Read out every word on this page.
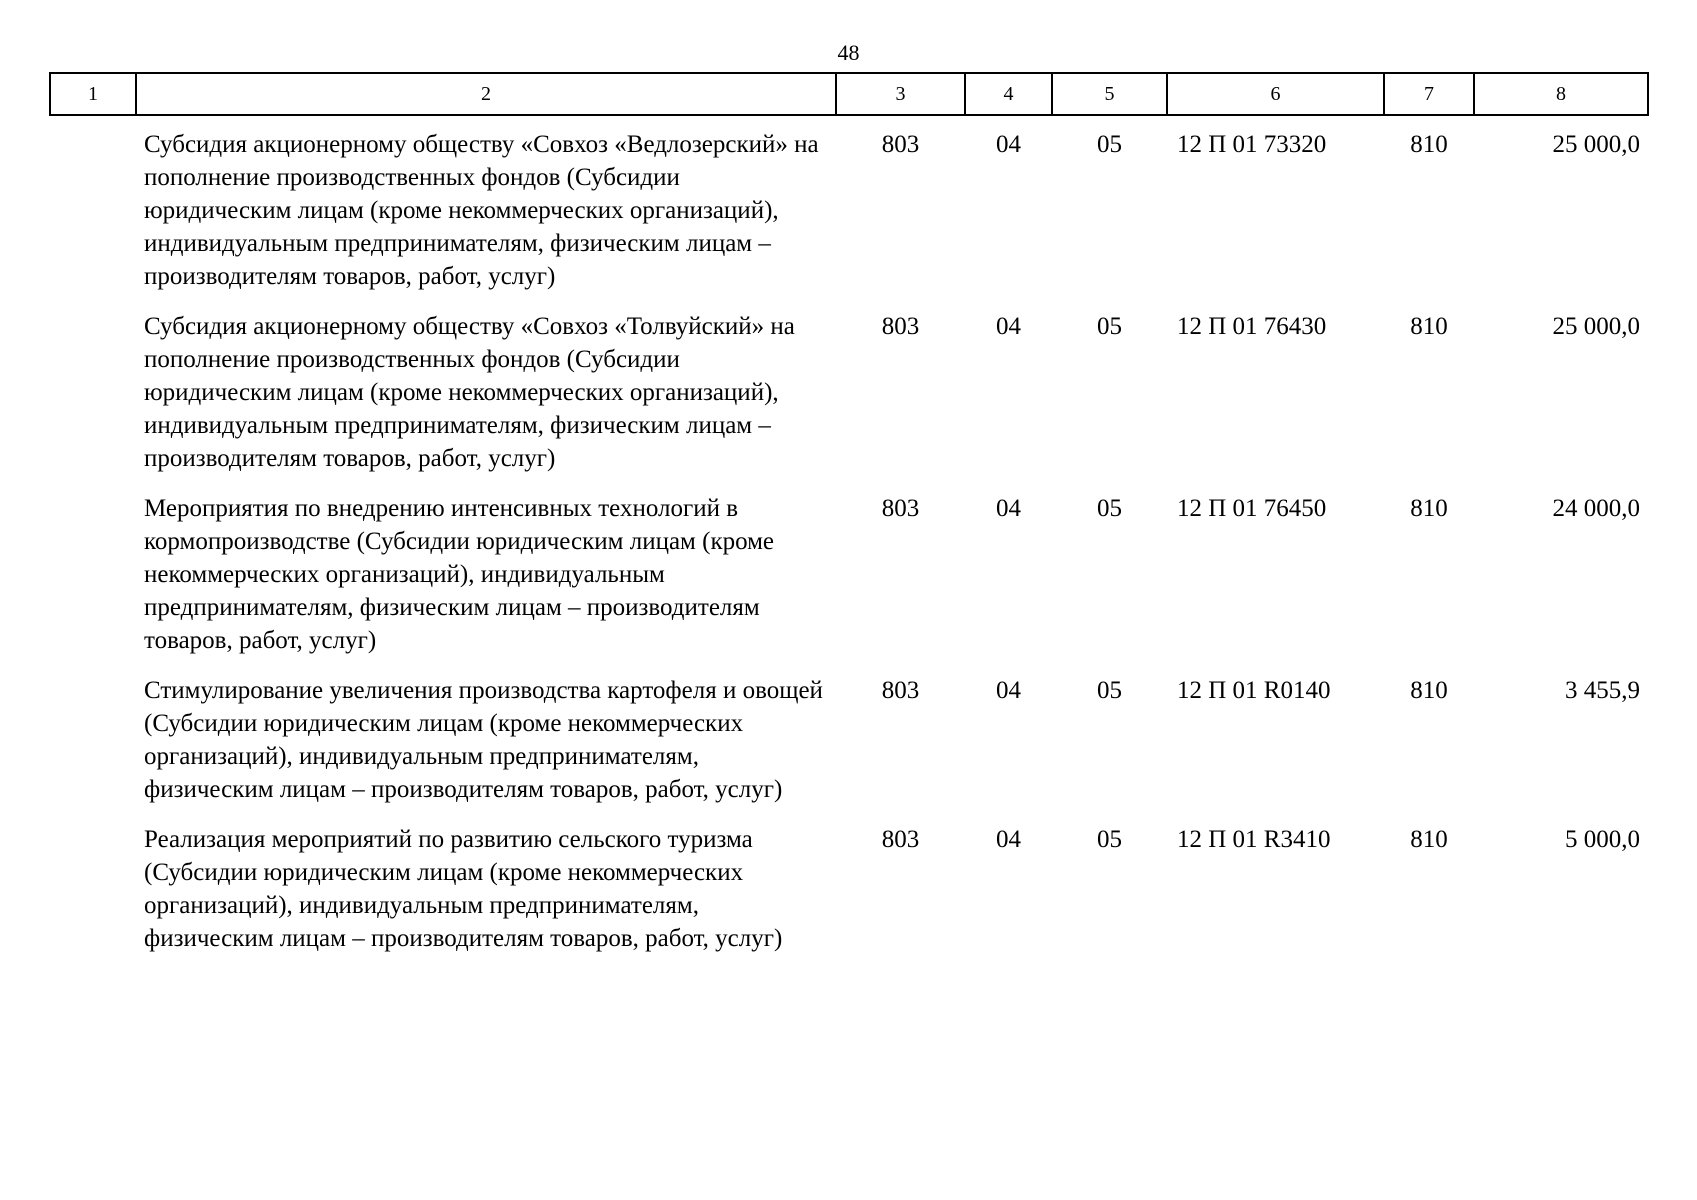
48
1	2	3	4	5	6	7	8

	Субсидия акционерному обществу «Совхоз «Ведлозерский» на пополнение производственных фондов (Субсидии юридическим лицам (кроме некоммерческих организаций), индивидуальным предпринимателям, физическим лицам – производителям товаров, работ, услуг)	803	04	05	12 П 01 73320	810	25 000,0
	Субсидия акционерному обществу «Совхоз «Толвуйский» на пополнение производственных фондов (Субсидии юридическим лицам (кроме некоммерческих организаций), индивидуальным предпринимателям, физическим лицам – производителям товаров, работ, услуг)	803	04	05	12 П 01 76430	810	25 000,0
	Мероприятия по внедрению интенсивных технологий в кормопроизводстве (Субсидии юридическим лицам (кроме некоммерческих организаций), индивидуальным предпринимателям, физическим лицам – производителям товаров, работ, услуг)	803	04	05	12 П 01 76450	810	24 000,0
	Стимулирование увеличения производства картофеля и овощей (Субсидии юридическим лицам (кроме некоммерческих организаций), индивидуальным предпринимателям, физическим лицам – производителям товаров, работ, услуг)	803	04	05	12 П 01 R0140	810	3 455,9
	Реализация мероприятий по развитию сельского туризма (Субсидии юридическим лицам (кроме некоммерческих организаций), индивидуальным предпринимателям, физическим лицам – производителям товаров, работ, услуг)	803	04	05	12 П 01 R3410	810	5 000,0
